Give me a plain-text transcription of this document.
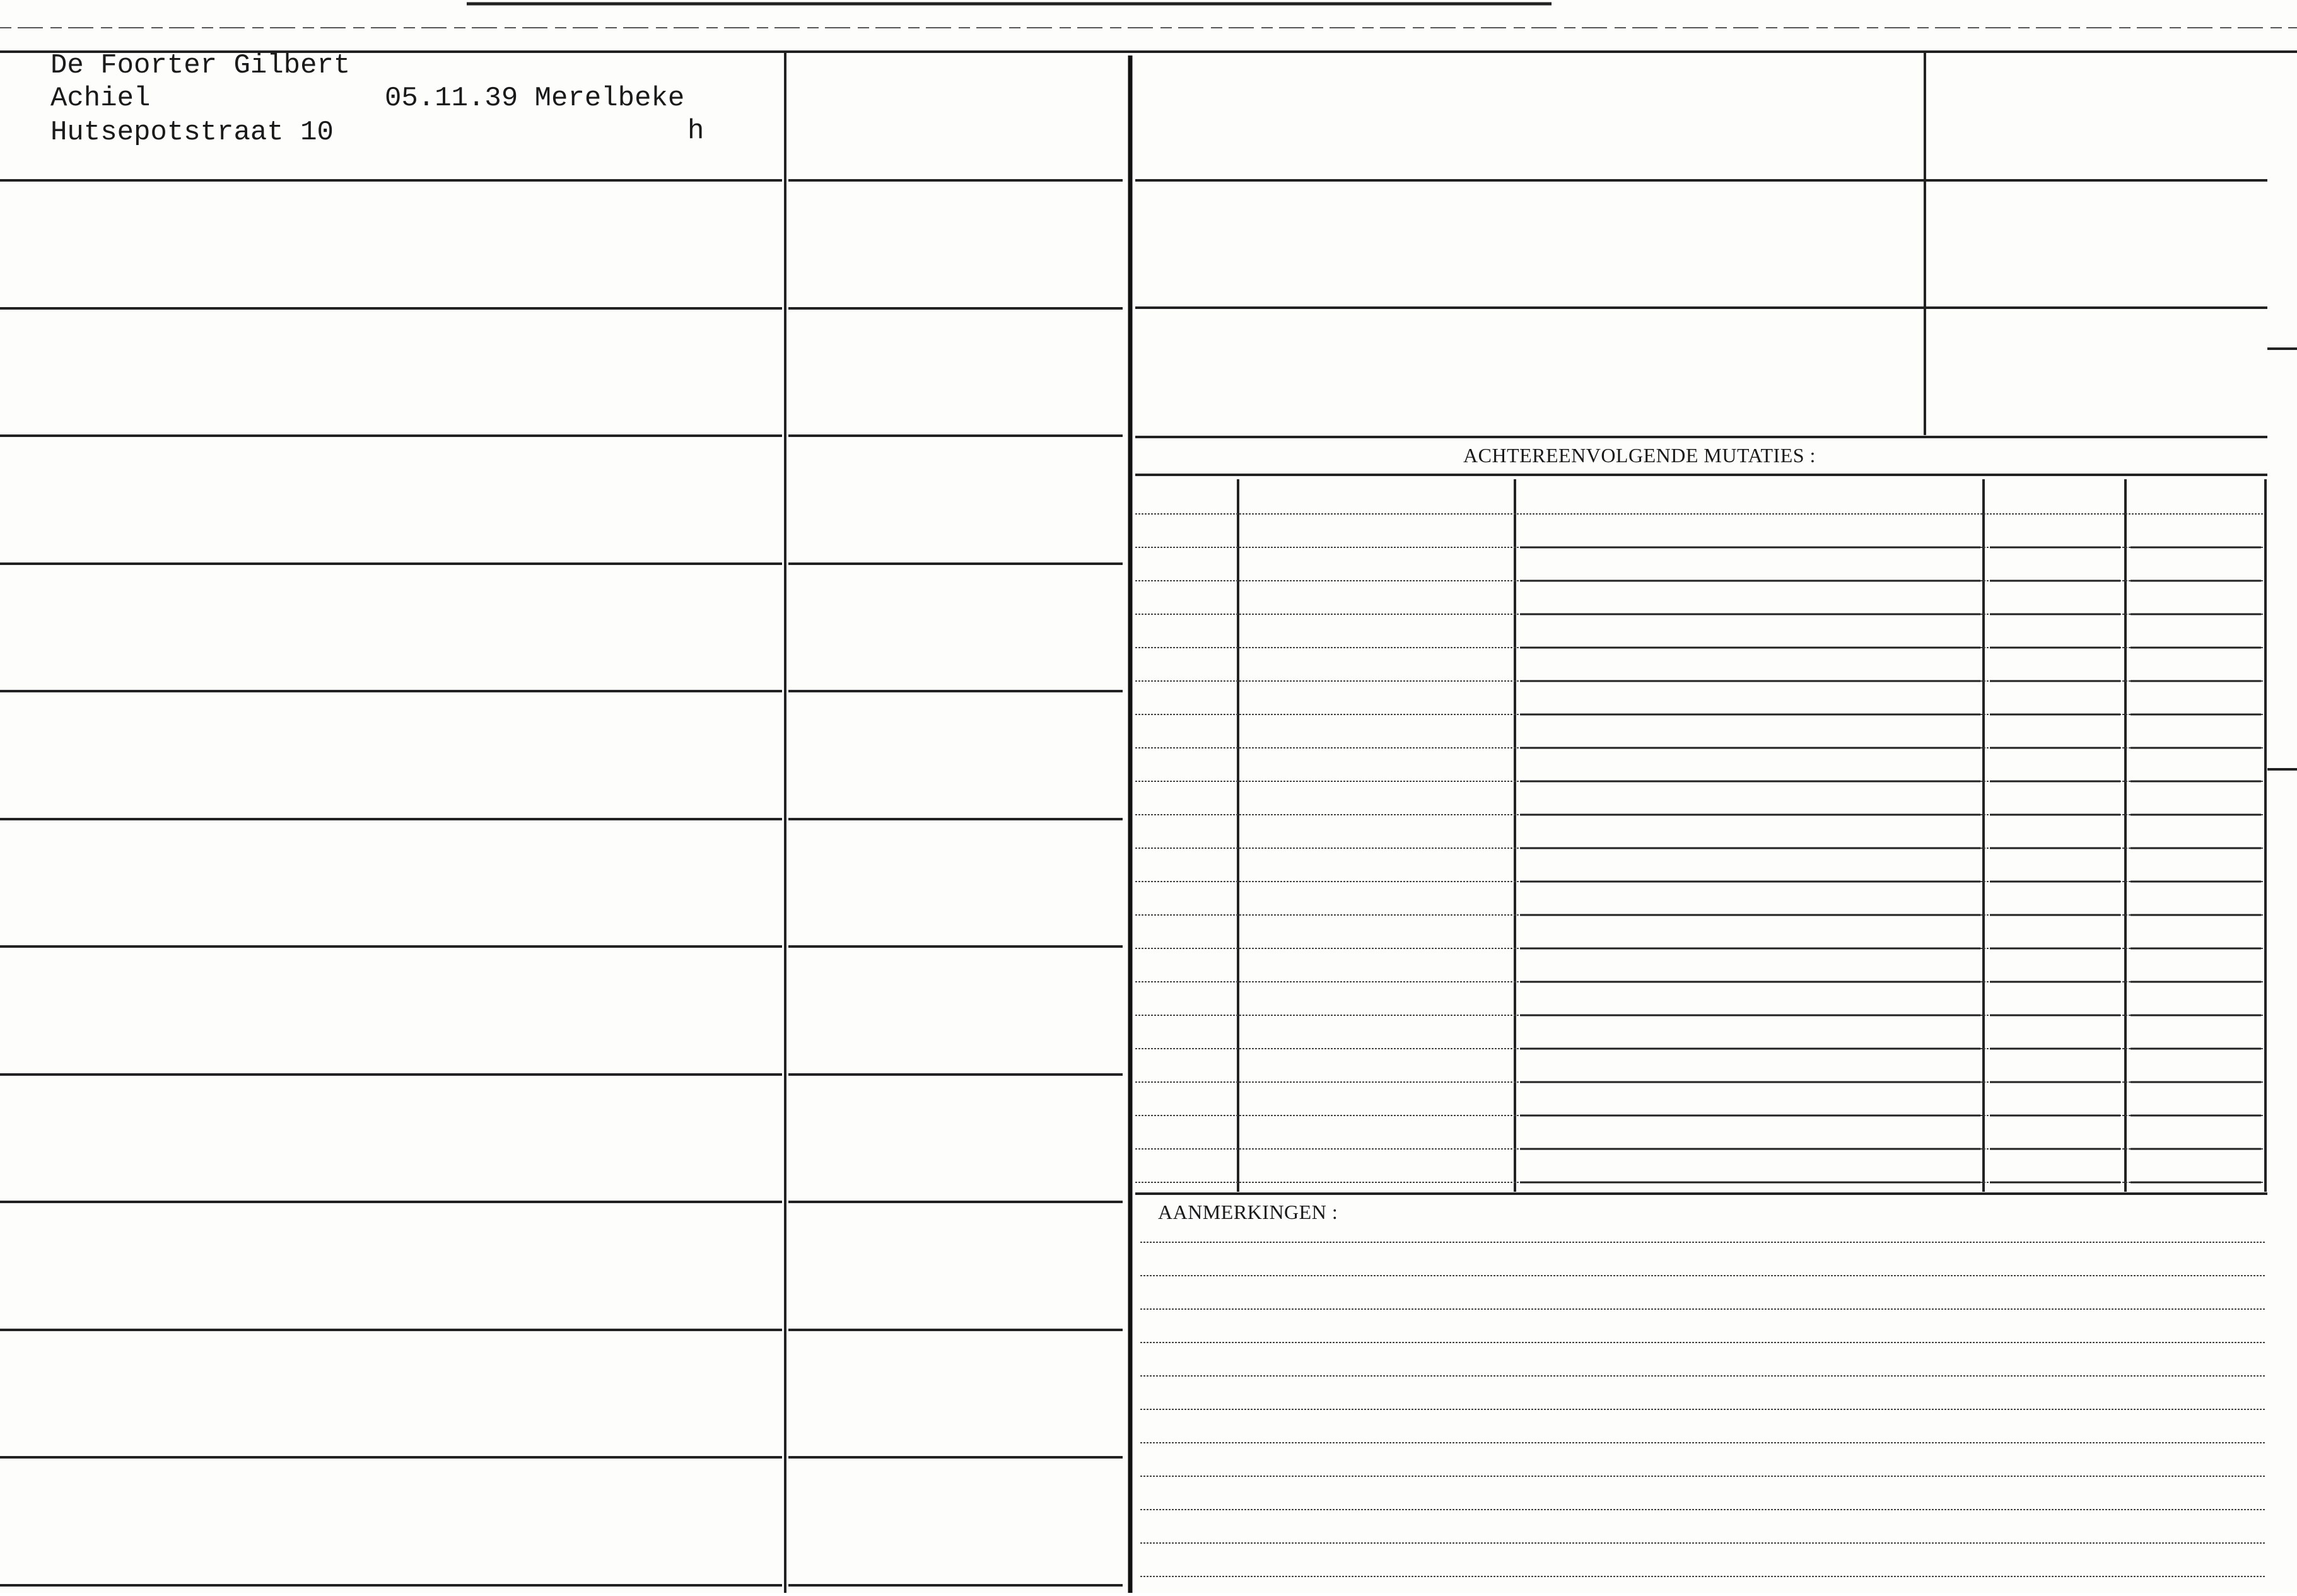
De Foorter Gilbert
Achiel	05.11.39 Merelbeke
Hutsepotstraat 10	h
ACHTEREENVOLGENDE MUTATIES :
AANMERKINGEN :
